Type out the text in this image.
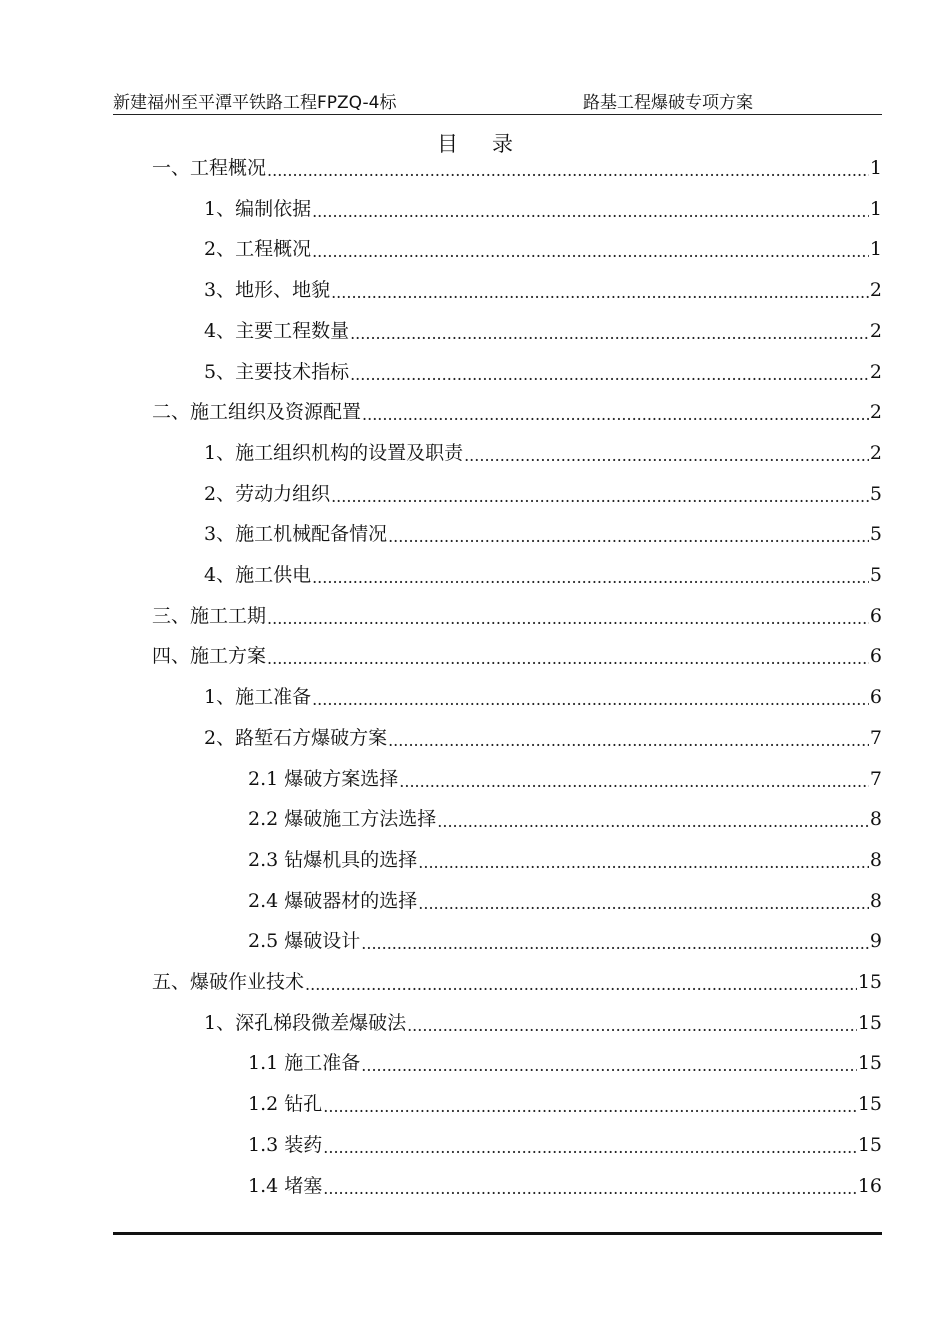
新建福州至平潭平铁路工程FPZQ-4标	路基工程爆破专项方案
目 录
一、工程概况 .....	1
1、编制依据 .....	1
2、工程概况 .....	1
3、地形、地貌 .....	2
4、主要工程数量 .....	2
5、主要技术指标 .....	2
二、施工组织及资源配置 .....	2
1、施工组织机构的设置及职责 .....	2
2、劳动力组织 .....	5
3、施工机械配备情况 .....	5
4、施工供电 .....	5
三、施工工期 .....	6
四、施工方案 .....	6
1、施工准备 .....	6
2、路堑石方爆破方案 .....	7
2.1 爆破方案选择 .....	7
2.2 爆破施工方法选择 .....	8
2.3 钻爆机具的选择 .....	8
2.4 爆破器材的选择 .....	8
2.5 爆破设计 .....	9
五、爆破作业技术 .....	15
1、深孔梯段微差爆破法 .....	15
1.1 施工准备 .....	15
1.2 钻孔 .....	15
1.3 装药 .....	15
1.4 堵塞 .....	16
